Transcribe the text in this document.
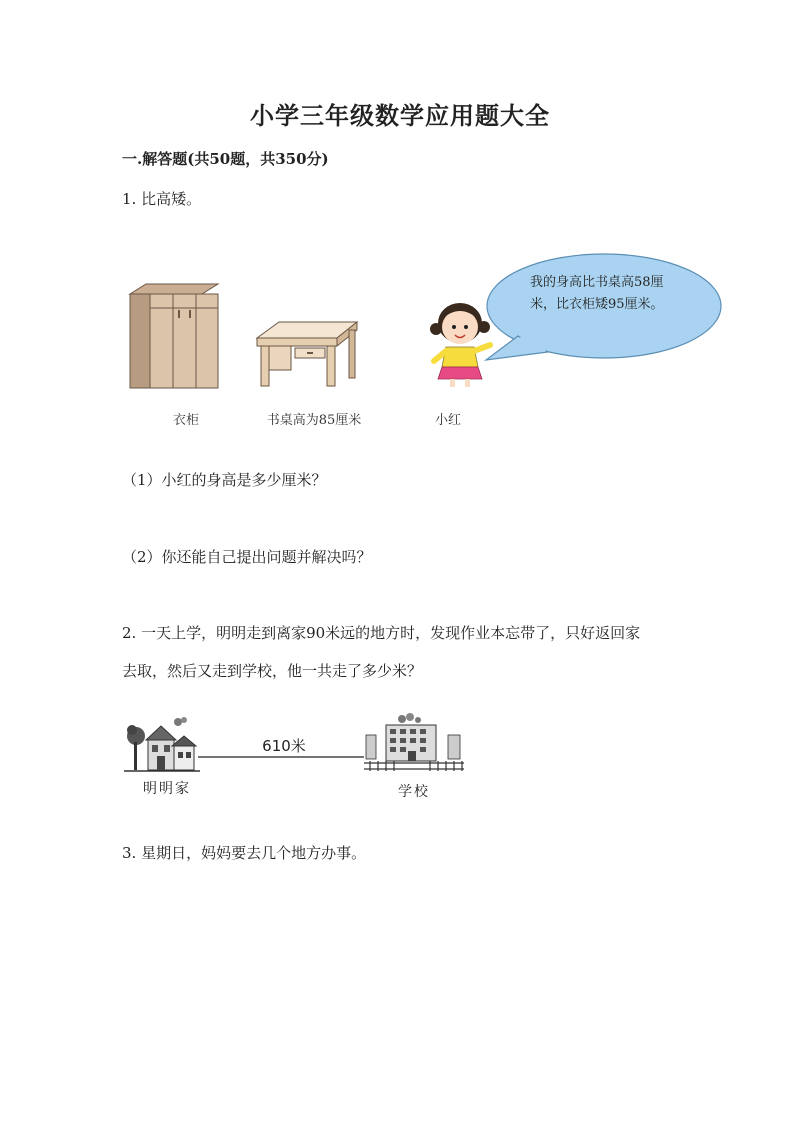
小学三年级数学应用题大全
一.解答题(共50题，共350分)
1. 比高矮。
我的身高比书桌高58厘
米，比衣柜矮95厘米。
衣柜	书桌高为85厘米	小红
（1）小红的身高是多少厘米？
（2）你还能自己提出问题并解决吗？
2. 一天上学，明明走到离家90米远的地方时，发现作业本忘带了，只好返回家
去取，然后又走到学校，他一共走了多少米？
610米
明明家	学校
3. 星期日，妈妈要去几个地方办事。
